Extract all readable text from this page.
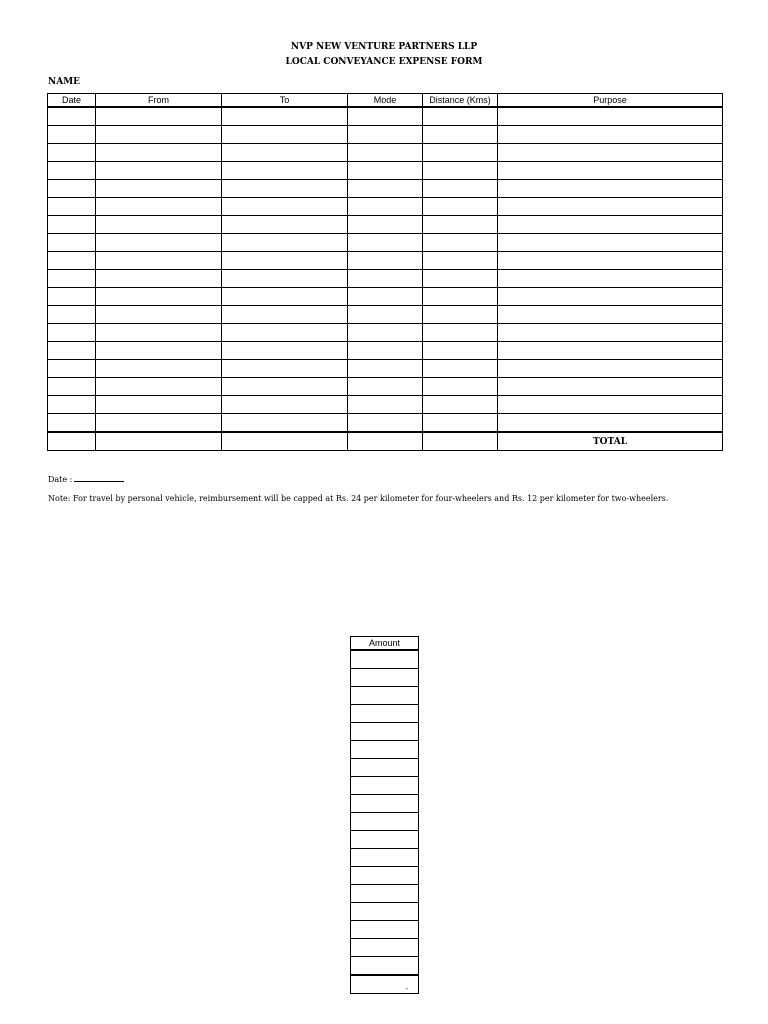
NVP NEW VENTURE PARTNERS LLP
LOCAL CONVEYANCE EXPENSE FORM
NAME
Date	From	To	Mode	Distance (Kms)	Purpose

					TOTAL
Date :
Note: For travel by personal vehicle, reimbursement will be capped at Rs. 24 per kilometer for four-wheelers and Rs. 12 per kilometer for two-wheelers.
Amount

-
